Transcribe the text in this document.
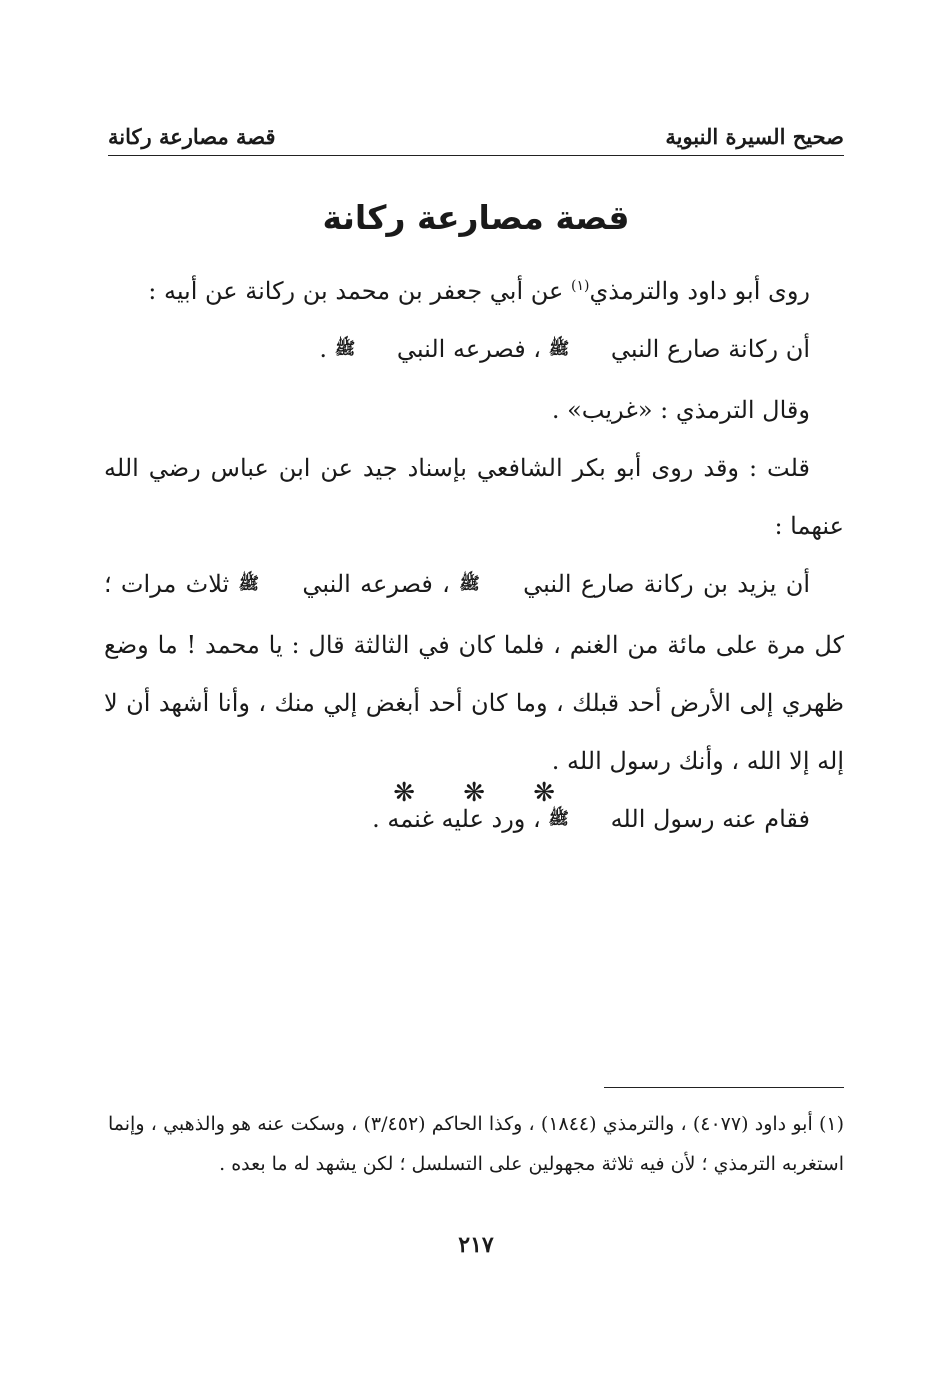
صحيح السيرة النبوية
قصة مصارعة ركانة
قصة مصارعة ركانة

روى أبو داود والترمذي$^{(١)}$ عن أبي جعفر بن محمد بن ركانة عن أبيه :

أن ركانة صارع النبي ﷺ ، فصرعه النبي ﷺ .

وقال الترمذي : «غريب» .

قلت : وقد روى أبو بكر الشافعي بإسناد جيد عن ابن عباس رضي الله عنهما :

أن يزيد بن ركانة صارع النبي ﷺ ، فصرعه النبي ﷺ ثلاث مرات ؛ كل مرة على مائة من الغنم ، فلما كان في الثالثة قال : يا محمد ! ما وضع ظهري إلى الأرض أحد قبلك ، وما كان أحد أبغض إلي منك ، وأنا أشهد أن لا إله إلا الله ، وأنك رسول الله .

فقام عنه رسول الله ﷺ ، ورد عليه غنمه .

❋
❋
❋

(١) أبو داود (٤٠٧٧) ، والترمذي (١٨٤٤) ، وكذا الحاكم (٣/٤٥٢) ، وسكت عنه هو والذهبي ، وإنما استغربه الترمذي ؛ لأن فيه ثلاثة مجهولين على التسلسل ؛ لكن يشهد له ما بعده .

٢١٧
